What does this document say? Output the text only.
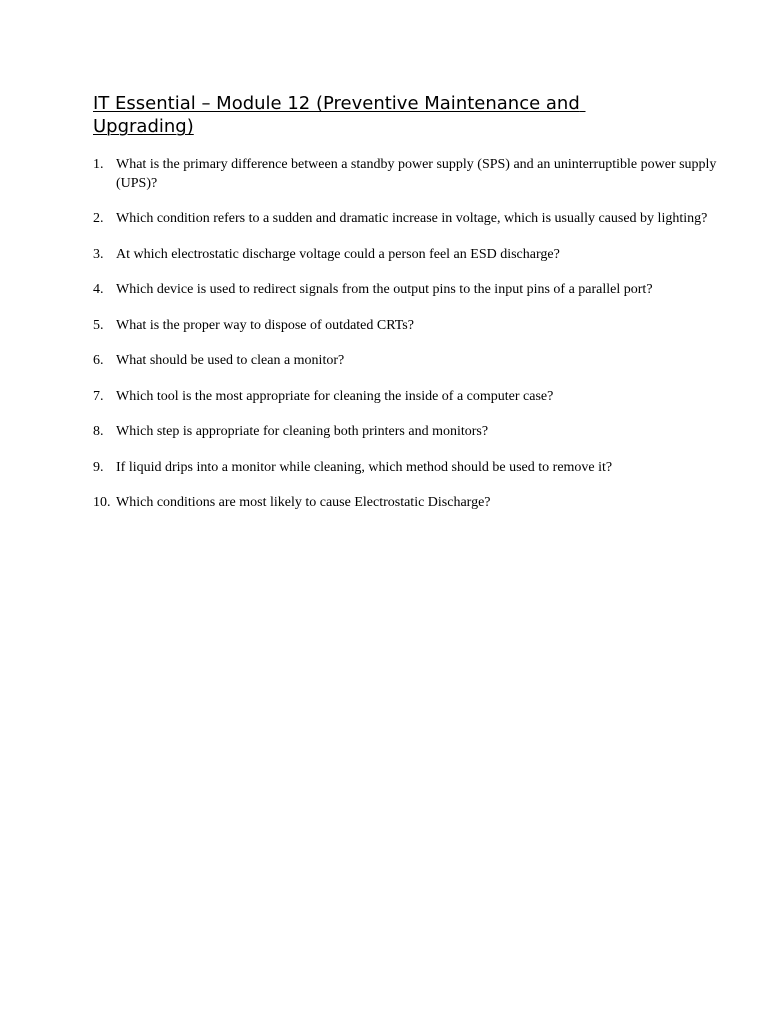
IT Essential – Module 12 (Preventive Maintenance and Upgrading)
1. What is the primary difference between a standby power supply (SPS) and an uninterruptible power supply (UPS)?
2. Which condition refers to a sudden and dramatic increase in voltage, which is usually caused by lighting?
3. At which electrostatic discharge voltage could a person feel an ESD discharge?
4. Which device is used to redirect signals from the output pins to the input pins of a parallel port?
5. What is the proper way to dispose of outdated CRTs?
6. What should be used to clean a monitor?
7. Which tool is the most appropriate for cleaning the inside of a computer case?
8. Which step is appropriate for cleaning both printers and monitors?
9. If liquid drips into a monitor while cleaning, which method should be used to remove it?
10. Which conditions are most likely to cause Electrostatic Discharge?
